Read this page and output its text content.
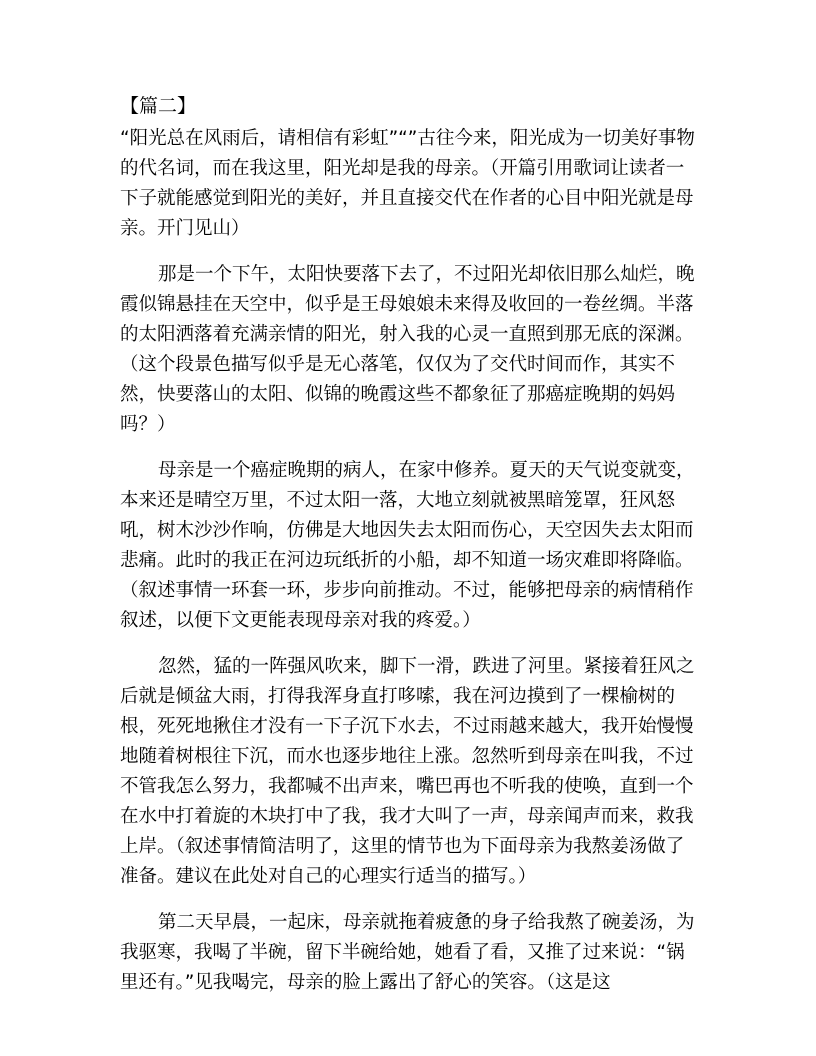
【篇二】

“阳光总在风雨后，请相信有彩虹”“”古往今来，阳光成为一切美好事物的代名词，而在我这里，阳光却是我的母亲。（开篇引用歌词让读者一下子就能感觉到阳光的美好，并且直接交代在作者的心目中阳光就是母亲。开门见山）

那是一个下午，太阳快要落下去了，不过阳光却依旧那么灿烂，晚霞似锦悬挂在天空中，似乎是王母娘娘未来得及收回的一卷丝绸。半落的太阳洒落着充满亲情的阳光，射入我的心灵一直照到那无底的深渊。（这个段景色描写似乎是无心落笔，仅仅为了交代时间而作，其实不然，快要落山的太阳、似锦的晚霞这些不都象征了那癌症晚期的妈妈吗？）

母亲是一个癌症晚期的病人，在家中修养。夏天的天气说变就变，本来还是晴空万里，不过太阳一落，大地立刻就被黑暗笼罩，狂风怒吼，树木沙沙作响，仿佛是大地因失去太阳而伤心，天空因失去太阳而悲痛。此时的我正在河边玩纸折的小船，却不知道一场灾难即将降临。（叙述事情一环套一环，步步向前推动。不过，能够把母亲的病情稍作叙述，以便下文更能表现母亲对我的疼爱。）

忽然，猛的一阵强风吹来，脚下一滑，跌进了河里。紧接着狂风之后就是倾盆大雨，打得我浑身直打哆嗦，我在河边摸到了一棵榆树的根，死死地揪住才没有一下子沉下水去，不过雨越来越大，我开始慢慢地随着树根往下沉，而水也逐步地往上涨。忽然听到母亲在叫我，不过不管我怎么努力，我都喊不出声来，嘴巴再也不听我的使唤，直到一个在水中打着旋的木块打中了我，我才大叫了一声，母亲闻声而来，救我上岸。（叙述事情简洁明了，这里的情节也为下面母亲为我熬姜汤做了准备。建议在此处对自己的心理实行适当的描写。）

第二天早晨，一起床，母亲就拖着疲惫的身子给我熬了碗姜汤，为我驱寒，我喝了半碗，留下半碗给她，她看了看，又推了过来说：“锅里还有。”见我喝完，母亲的脸上露出了舒心的笑容。（这是这
